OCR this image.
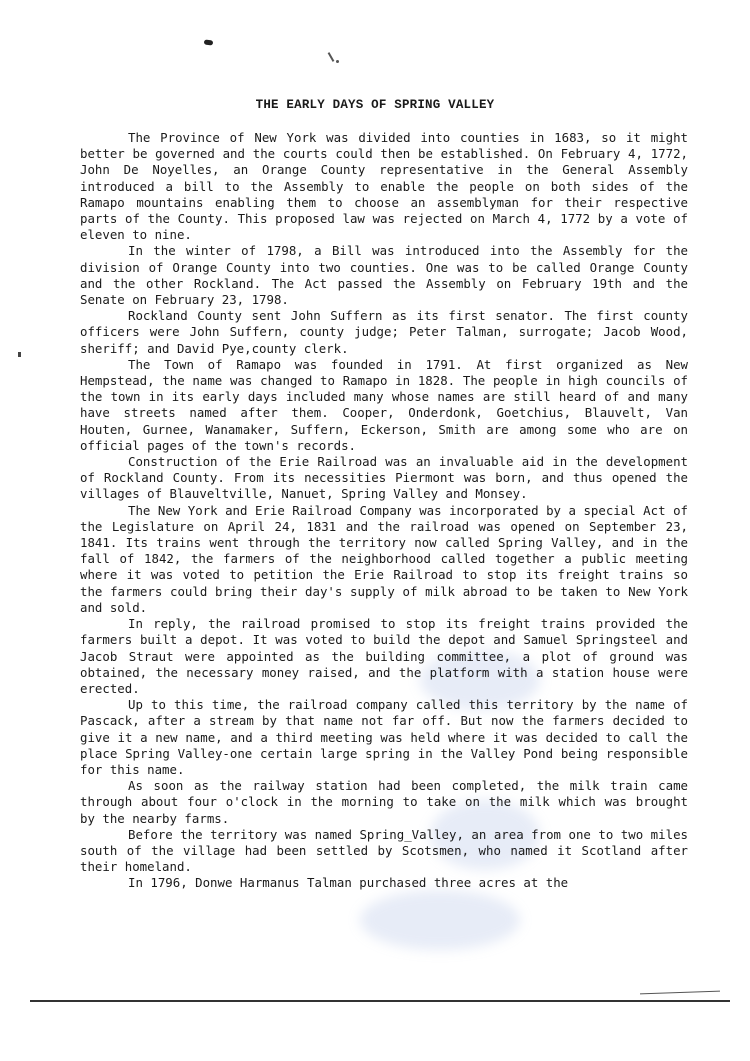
THE EARLY DAYS OF SPRING VALLEY

The Province of New York was divided into counties in 1683, so it might better be governed and the courts could then be established. On February 4, 1772, John De Noyelles, an Orange County representative in the General Assembly introduced a bill to the Assembly to enable the people on both sides of the Ramapo mountains enabling them to choose an assemblyman for their respective parts of the County. This proposed law was rejected on March 4, 1772 by a vote of eleven to nine.

In the winter of 1798, a Bill was introduced into the Assembly for the division of Orange County into two counties. One was to be called Orange County and the other Rockland. The Act passed the Assembly on February 19th and the Senate on February 23, 1798.

Rockland County sent John Suffern as its first senator. The first county officers were John Suffern, county judge; Peter Talman, surrogate; Jacob Wood, sheriff; and David Pye,county clerk.

The Town of Ramapo was founded in 1791. At first organized as New Hempstead, the name was changed to Ramapo in 1828. The people in high councils of the town in its early days included many whose names are still heard of and many have streets named after them. Cooper, Onderdonk, Goetchius, Blauvelt, Van Houten, Gurnee, Wanamaker, Suffern, Eckerson, Smith are among some who are on official pages of the town's records.

Construction of the Erie Railroad was an invaluable aid in the development of Rockland County. From its necessities Piermont was born, and thus opened the villages of Blauveltville, Nanuet, Spring Valley and Monsey.

The New York and Erie Railroad Company was incorporated by a special Act of the Legislature on April 24, 1831 and the railroad was opened on September 23, 1841. Its trains went through the territory now called Spring Valley, and in the fall of 1842, the farmers of the neighborhood called together a public meeting where it was voted to petition the Erie Railroad to stop its freight trains so the farmers could bring their day's supply of milk abroad to be taken to New York and sold.

In reply, the railroad promised to stop its freight trains provided the farmers built a depot. It was voted to build the depot and Samuel Springsteel and Jacob Straut were appointed as the building committee, a plot of ground was obtained, the necessary money raised, and the platform with a station house were erected.

Up to this time, the railroad company called this territory by the name of Pascack, after a stream by that name not far off. But now the farmers decided to give it a new name, and a third meeting was held where it was decided to call the place Spring Valley-one certain large spring in the Valley Pond being responsible for this name.

As soon as the railway station had been completed, the milk train came through about four o'clock in the morning to take on the milk which was brought by the nearby farms.

Before the territory was named Spring_Valley, an area from one to two miles south of the village had been settled by Scotsmen, who named it Scotland after their homeland.

In 1796, Donwe Harmanus Talman purchased three acres at the
